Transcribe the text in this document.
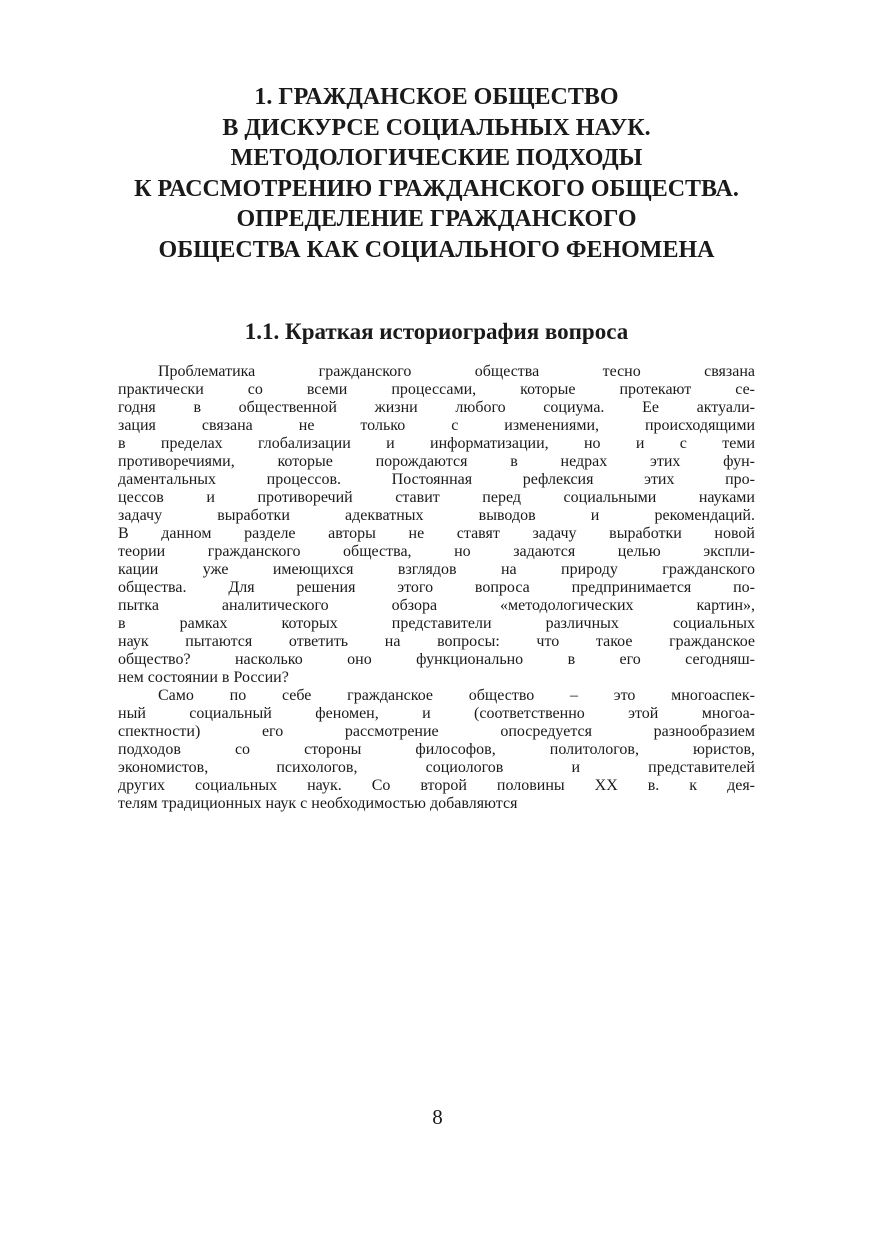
1. ГРАЖДАНСКОЕ ОБЩЕСТВО
В ДИСКУРСЕ СОЦИАЛЬНЫХ НАУК.
МЕТОДОЛОГИЧЕСКИЕ ПОДХОДЫ
К РАССМОТРЕНИЮ ГРАЖДАНСКОГО ОБЩЕСТВА.
ОПРЕДЕЛЕНИЕ ГРАЖДАНСКОГО
ОБЩЕСТВА КАК СОЦИАЛЬНОГО ФЕНОМЕНА
1.1. Краткая историография вопроса
Проблематика гражданского общества тесно связана
практически со всеми процессами, которые протекают се-
годня в общественной жизни любого социума. Ее актуали-
зация связана не только с изменениями, происходящими
в пределах глобализации и информатизации, но и с теми
противоречиями, которые порождаются в недрах этих фун-
даментальных процессов. Постоянная рефлексия этих про-
цессов и противоречий ставит перед социальными науками
задачу выработки адекватных выводов и рекомендаций.
В данном разделе авторы не ставят задачу выработки новой
теории гражданского общества, но задаются целью экспли-
кации уже имеющихся взглядов на природу гражданского
общества. Для решения этого вопроса предпринимается по-
пытка аналитического обзора «методологических картин»,
в рамках которых представители различных социальных
наук пытаются ответить на вопросы: что такое гражданское
общество? насколько оно функционально в его сегодняш-
нем состоянии в России?
Само по себе гражданское общество – это многоаспек-
ный социальный феномен, и (соответственно этой многоа-
спектности) его рассмотрение опосредуется разнообразием
подходов со стороны философов, политологов, юристов,
экономистов, психологов, социологов и представителей
других социальных наук. Со второй половины XX в. к дея-
телям традиционных наук с необходимостью добавляются
8
